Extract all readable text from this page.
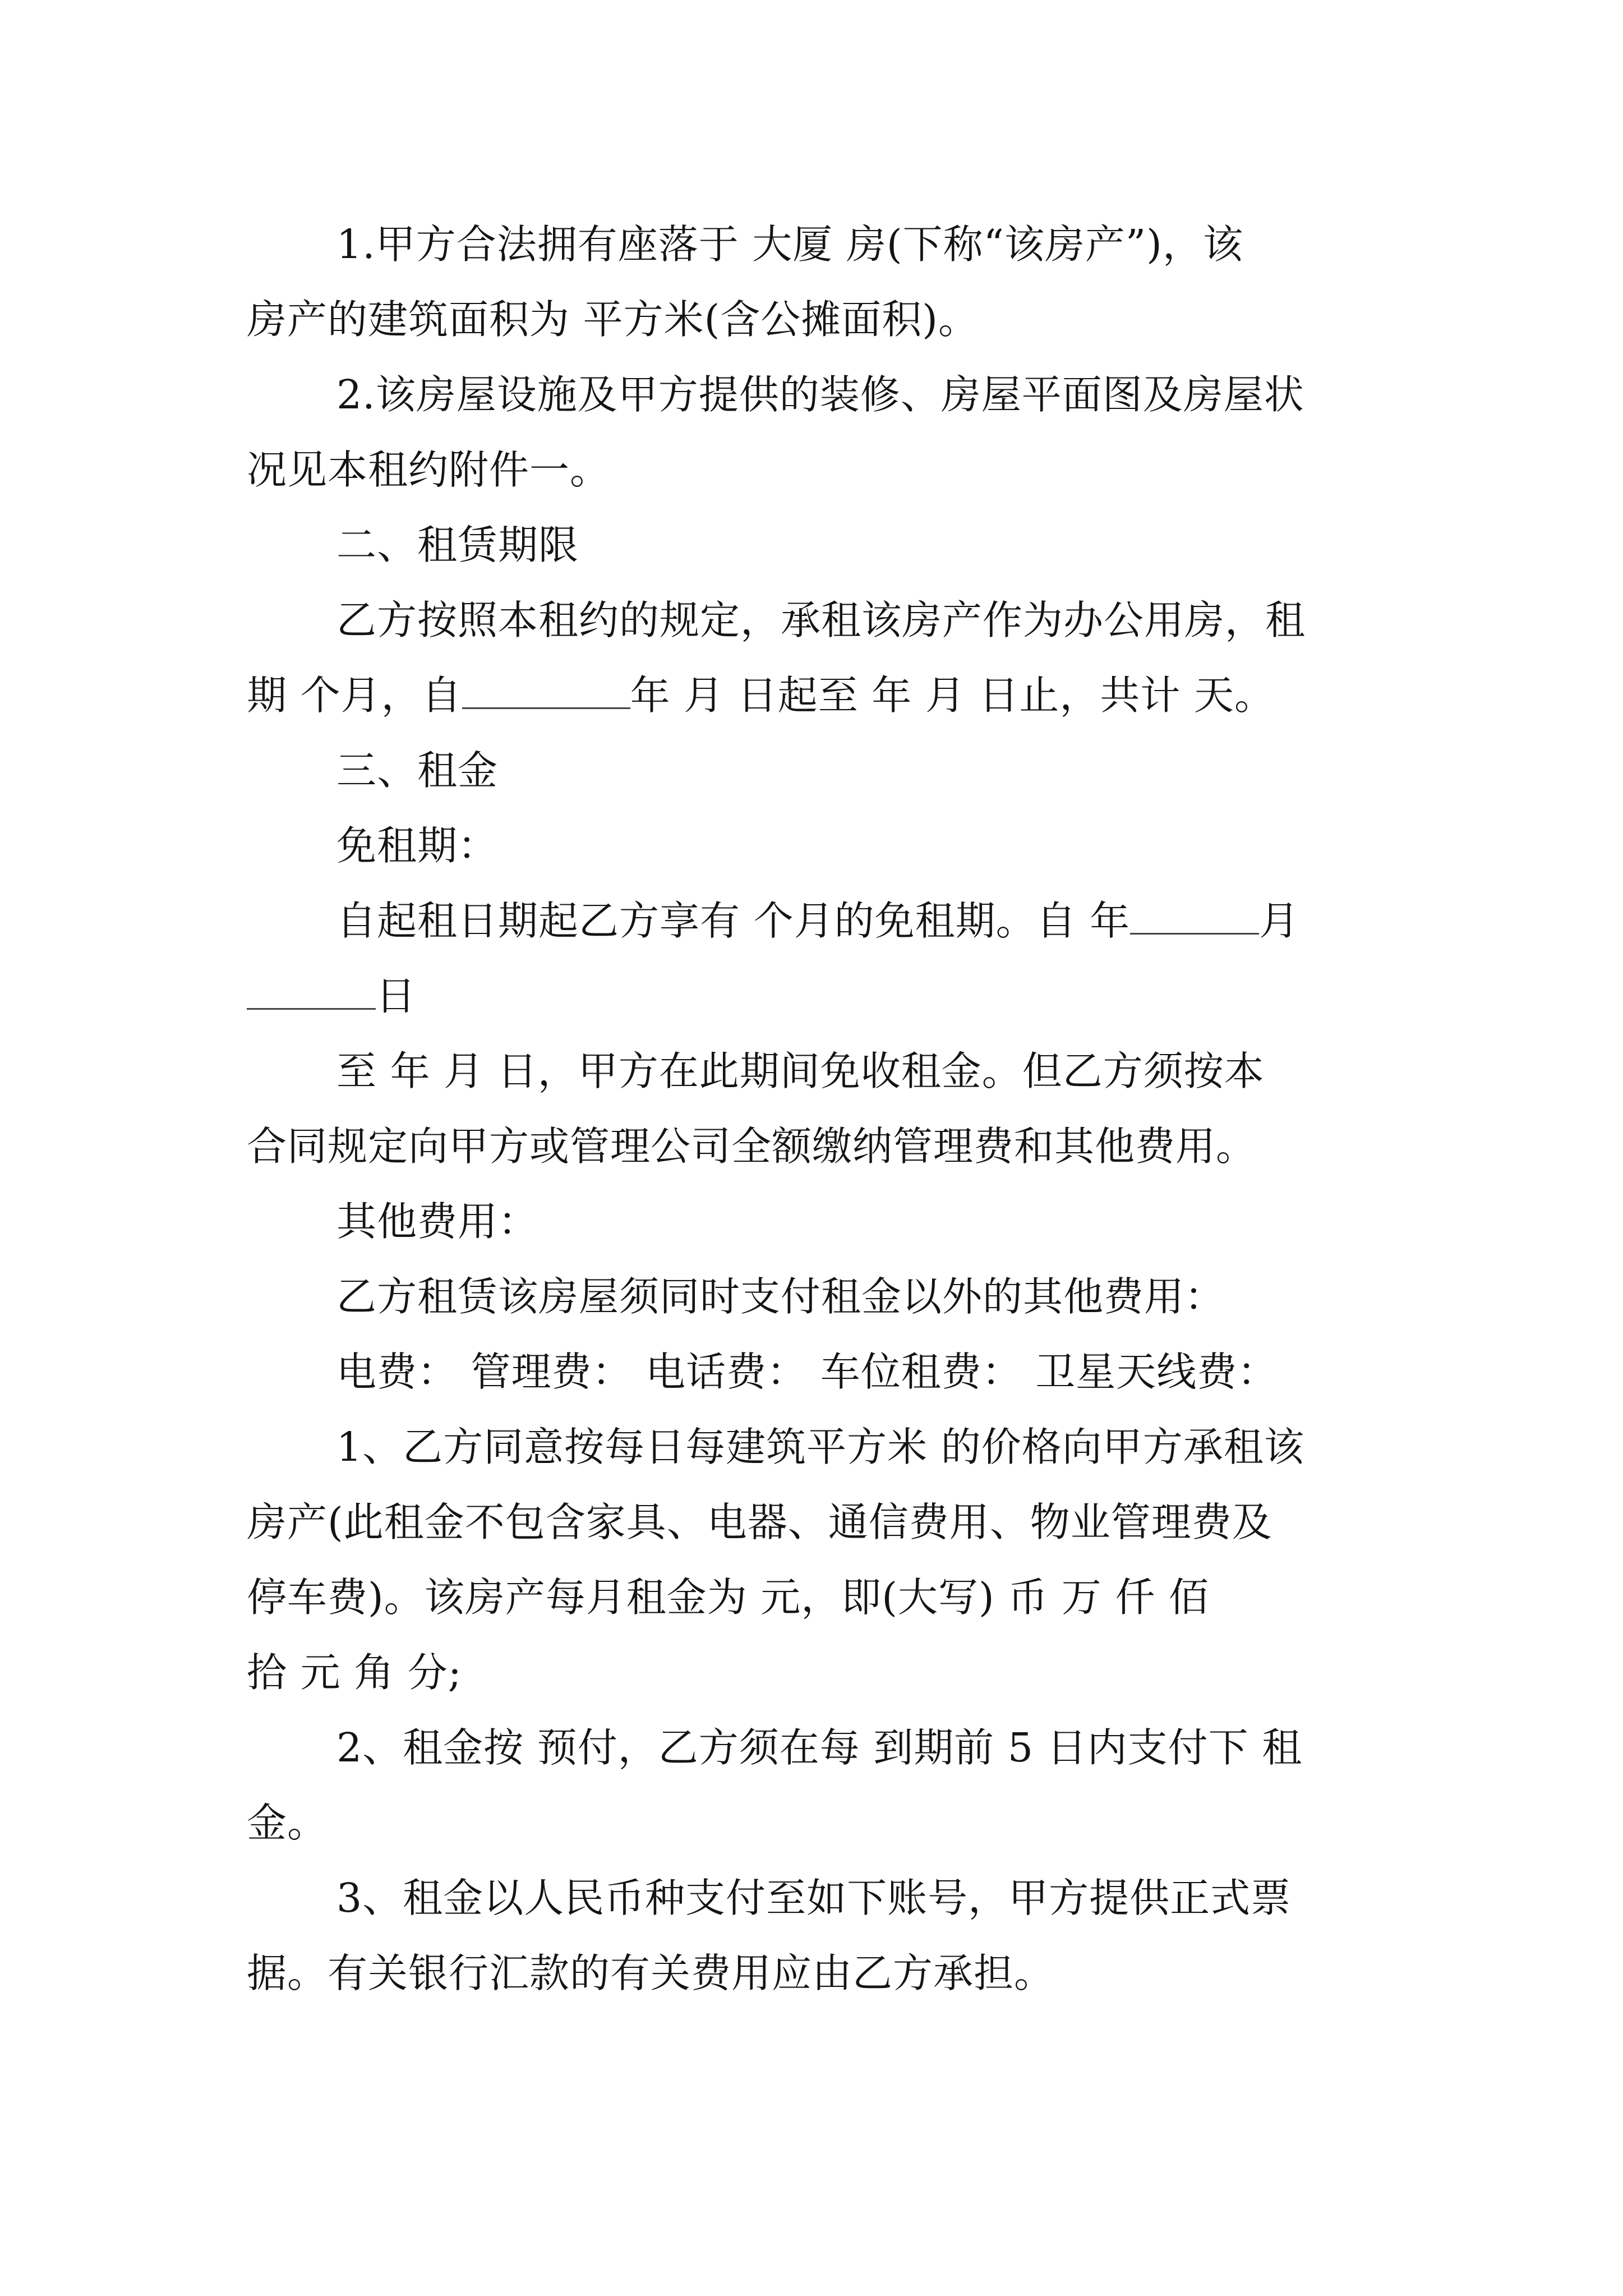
1.甲方合法拥有座落于 大厦 房(下称“该房产”)，该
房产的建筑面积为 平方米(含公摊面积)。
2.该房屋设施及甲方提供的装修、房屋平面图及房屋状
况见本租约附件一。
二、租赁期限
乙方按照本租约的规定，承租该房产作为办公用房，租
期 个月，自	年 月 日起至 年 月 日止，共计 天。
三、租金
免租期：
自起租日期起乙方享有 个月的免租期。自 年	月
日
至 年 月 日，甲方在此期间免收租金。但乙方须按本
合同规定向甲方或管理公司全额缴纳管理费和其他费用。
其他费用：
乙方租赁该房屋须同时支付租金以外的其他费用：
电费： 管理费： 电话费： 车位租费： 卫星天线费：
1、乙方同意按每日每建筑平方米 的价格向甲方承租该
房产(此租金不包含家具、电器、通信费用、物业管理费及
停车费)。该房产每月租金为 元，即(大写) 币 万 仟 佰
拾 元 角 分;
2、租金按 预付，乙方须在每 到期前 5 日内支付下 租
金。
3、租金以人民币种支付至如下账号，甲方提供正式票
据。有关银行汇款的有关费用应由乙方承担。
